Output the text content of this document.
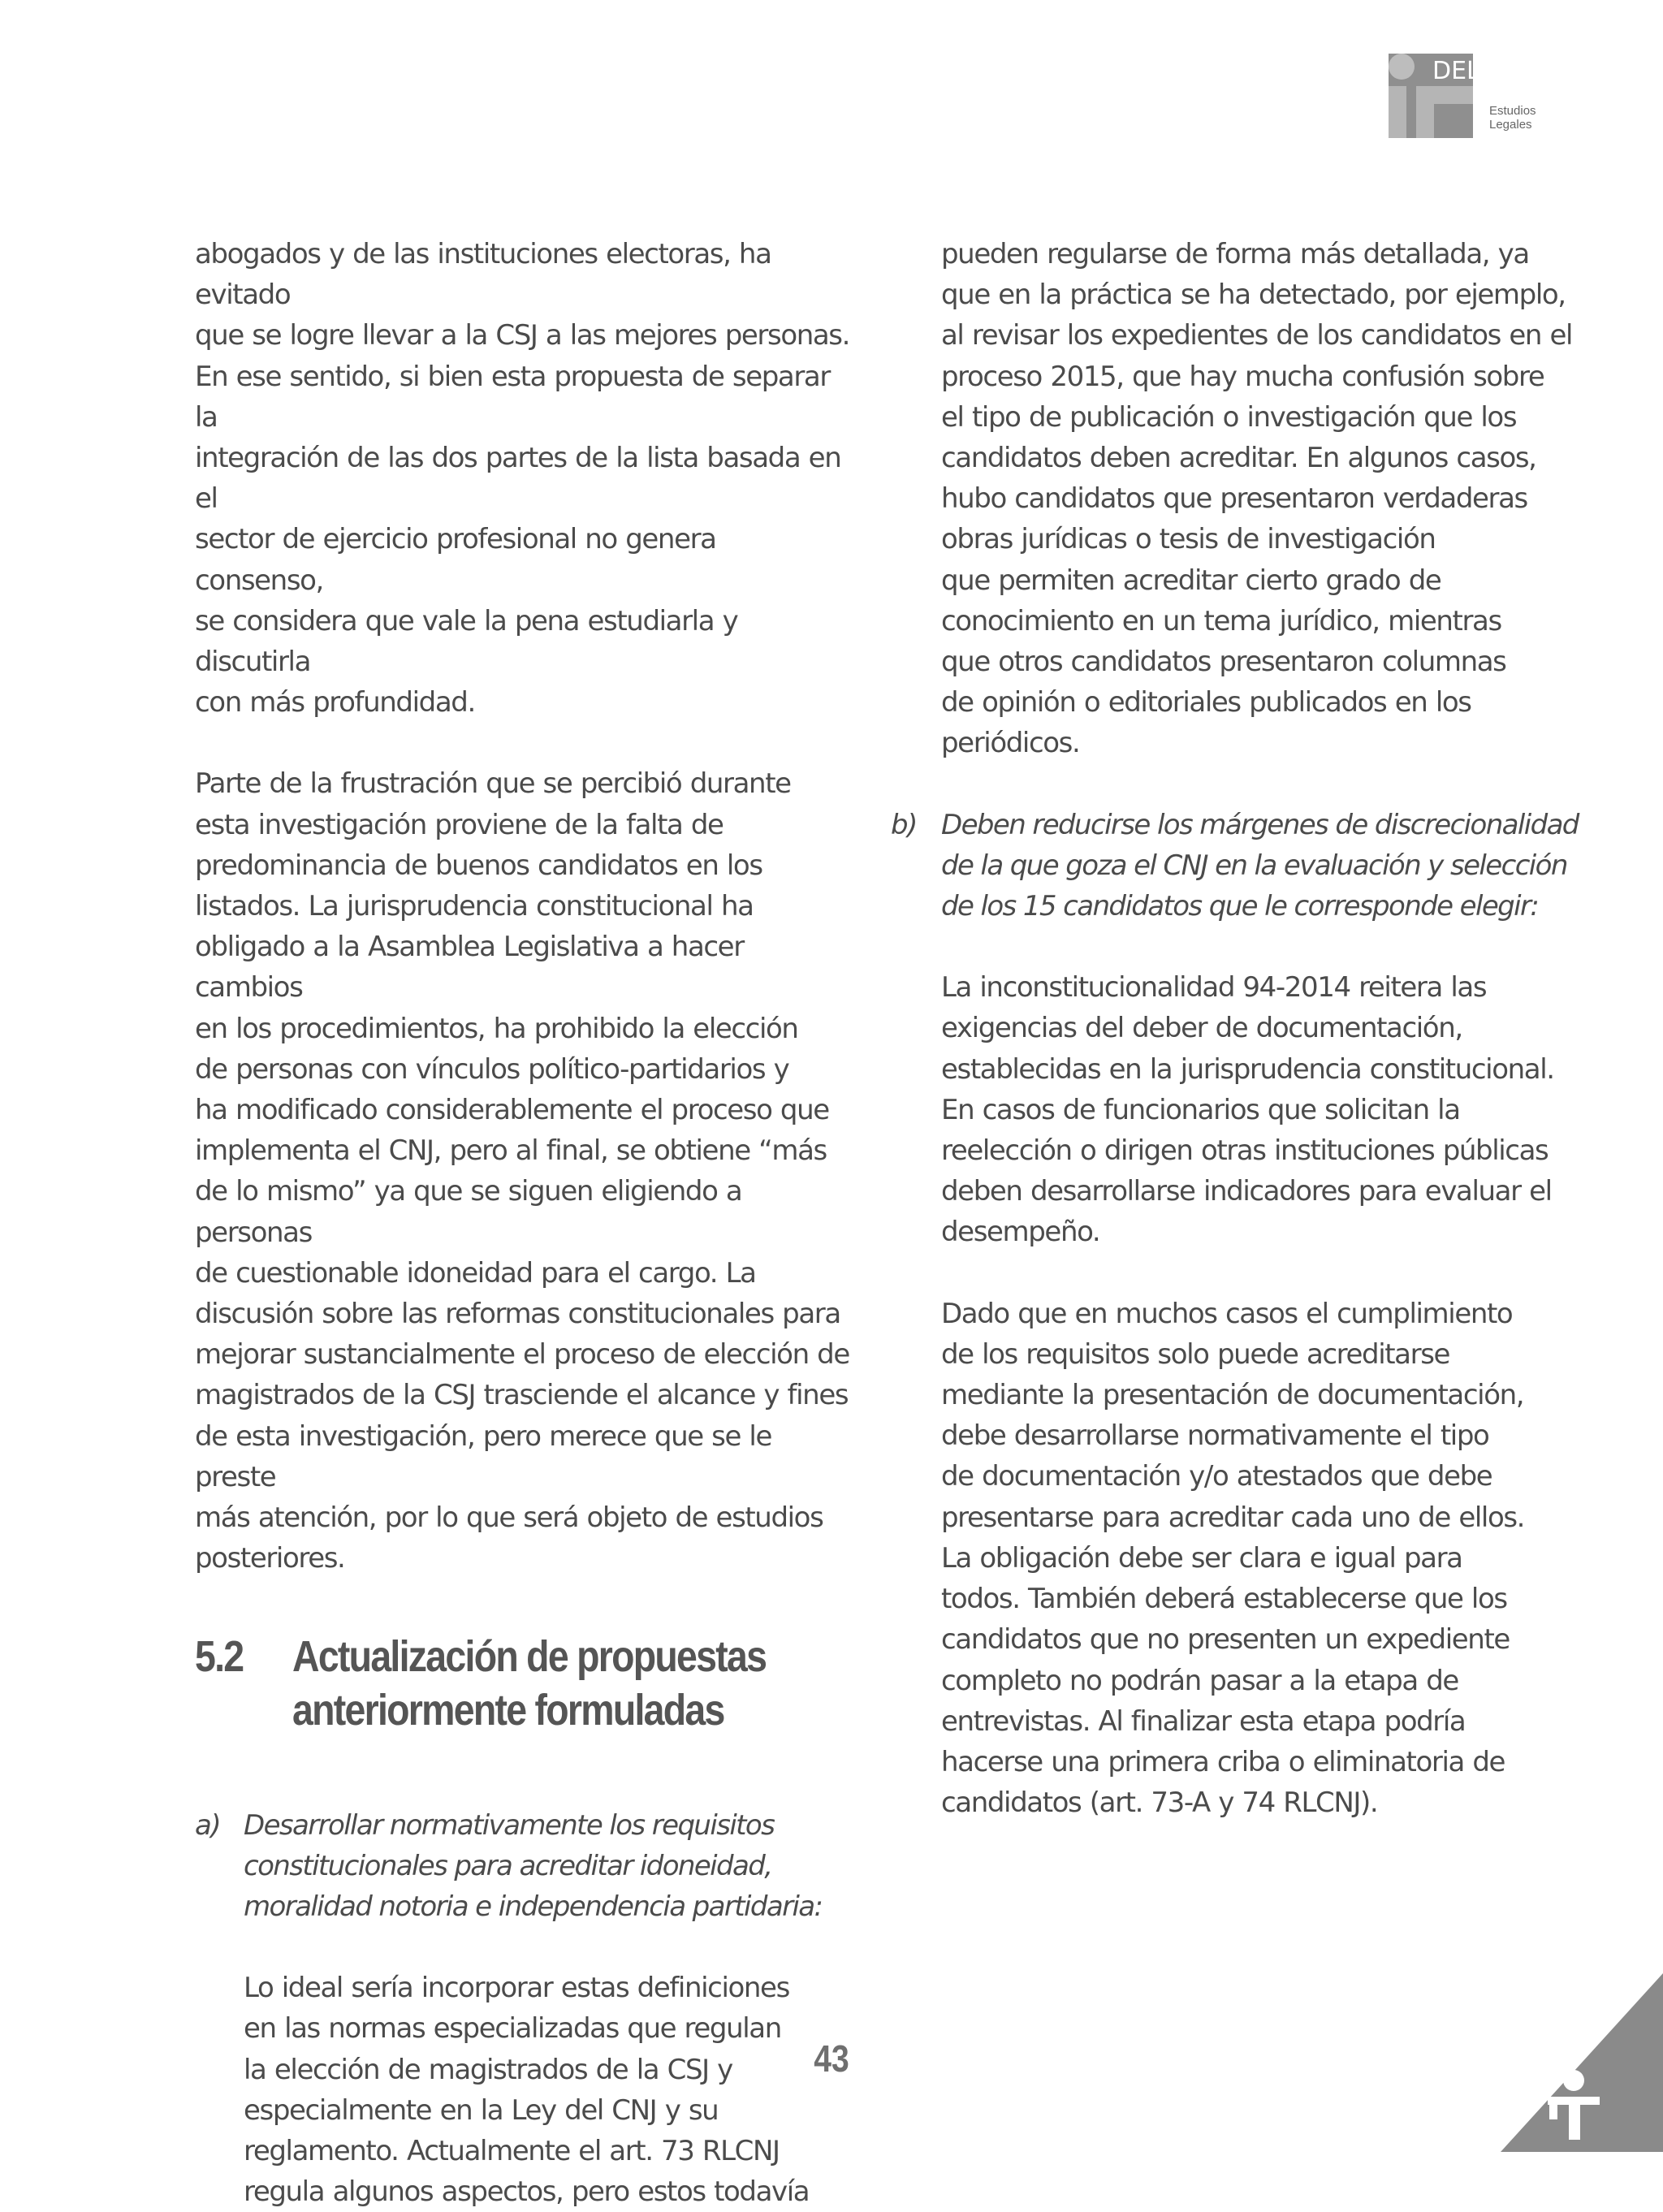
DEL
Estudios
Legales

abogados y de las instituciones electoras, ha evitado
que se logre llevar a la CSJ a las mejores personas.
En ese sentido, si bien esta propuesta de separar la
integración de las dos partes de la lista basada en el
sector de ejercicio profesional no genera consenso,
se considera que vale la pena estudiarla y discutirla
con más profundidad.

Parte de la frustración que se percibió durante
esta investigación proviene de la falta de
predominancia de buenos candidatos en los
listados. La jurisprudencia constitucional ha
obligado a la Asamblea Legislativa a hacer cambios
en los procedimientos, ha prohibido la elección
de personas con vínculos político-partidarios y
ha modificado considerablemente el proceso que
implementa el CNJ, pero al final, se obtiene “más
de lo mismo” ya que se siguen eligiendo a personas
de cuestionable idoneidad para el cargo. La
discusión sobre las reformas constitucionales para
mejorar sustancialmente el proceso de elección de
magistrados de la CSJ trasciende el alcance y fines
de esta investigación, pero merece que se le preste
más atención, por lo que será objeto de estudios
posteriores.

5.2	Actualización de propuestas
anteriormente formuladas
a) Desarrollar normativamente los requisitos
constitucionales para acreditar idoneidad,
moralidad notoria e independencia partidaria:

Lo ideal sería incorporar estas definiciones
en las normas especializadas que regulan
la elección de magistrados de la CSJ y
especialmente en la Ley del CNJ y su
reglamento. Actualmente el art. 73 RLCNJ
regula algunos aspectos, pero estos todavía

pueden regularse de forma más detallada, ya
que en la práctica se ha detectado, por ejemplo,
al revisar los expedientes de los candidatos en el
proceso 2015, que hay mucha confusión sobre
el tipo de publicación o investigación que los
candidatos deben acreditar. En algunos casos,
hubo candidatos que presentaron verdaderas
obras jurídicas o tesis de investigación
que permiten acreditar cierto grado de
conocimiento en un tema jurídico, mientras
que otros candidatos presentaron columnas
de opinión o editoriales publicados en los
periódicos.

b) Deben reducirse los márgenes de discrecionalidad
de la que goza el CNJ en la evaluación y selección
de los 15 candidatos que le corresponde elegir:

La inconstitucionalidad 94-2014 reitera las
exigencias del deber de documentación,
establecidas en la jurisprudencia constitucional.
En casos de funcionarios que solicitan la
reelección o dirigen otras instituciones públicas
deben desarrollarse indicadores para evaluar el
desempeño.

Dado que en muchos casos el cumplimiento
de los requisitos solo puede acreditarse
mediante la presentación de documentación,
debe desarrollarse normativamente el tipo
de documentación y/o atestados que debe
presentarse para acreditar cada uno de ellos.
La obligación debe ser clara e igual para
todos. También deberá establecerse que los
candidatos que no presenten un expediente
completo no podrán pasar a la etapa de
entrevistas. Al finalizar esta etapa podría
hacerse una primera criba o eliminatoria de
candidatos (art. 73-A y 74 RLCNJ).

43
